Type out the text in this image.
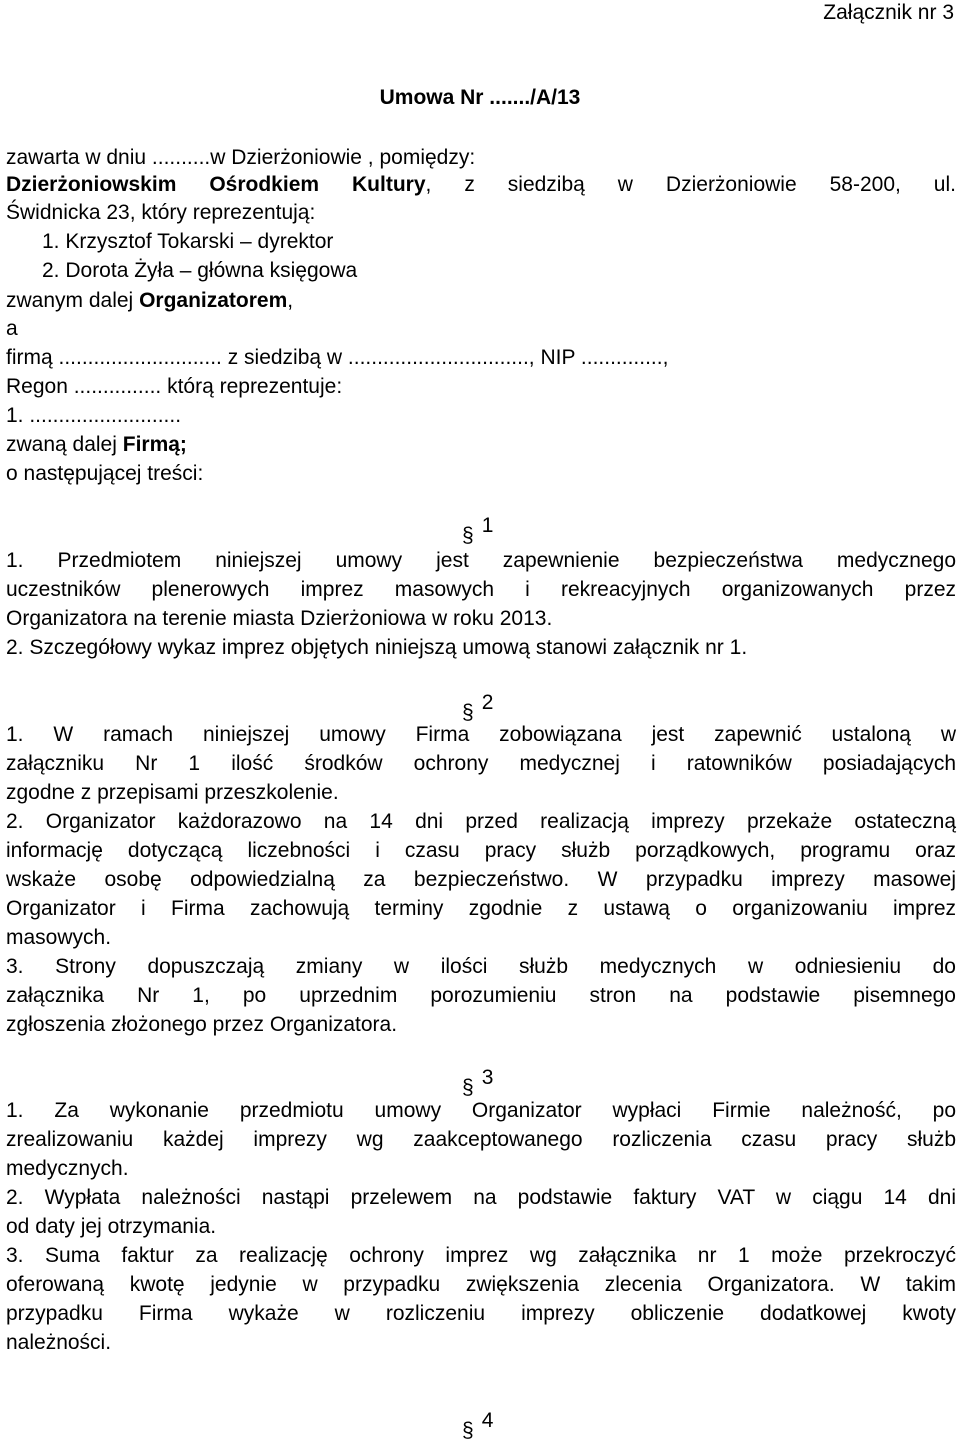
Załącznik nr 3
Umowa Nr ......./A/13
zawarta w dniu ..........w Dzierżoniowie , pomiędzy:
Dzierżoniowskim Ośrodkiem Kultury, z siedzibą w Dzierżoniowie 58-200, ul.
Świdnicka 23, który reprezentują:
1. Krzysztof Tokarski – dyrektor
2. Dorota Żyła – główna księgowa
zwanym dalej Organizatorem,
a
firmą ............................ z siedzibą w ..............................., NIP ..............,
Regon ............... którą reprezentuje:
1. ..........................
zwaną dalej Firmą;
o następującej treści:
§ 1
1. Przedmiotem niniejszej umowy jest zapewnienie bezpieczeństwa medycznego
uczestników plenerowych imprez masowych i rekreacyjnych organizowanych przez
Organizatora na terenie miasta Dzierżoniowa w roku 2013.
2. Szczegółowy wykaz imprez objętych niniejszą umową stanowi załącznik nr 1.
§ 2
1. W ramach niniejszej umowy Firma zobowiązana jest zapewnić ustaloną w
załączniku Nr 1 ilość środków ochrony medycznej i ratowników posiadających
zgodne z przepisami przeszkolenie.
2. Organizator każdorazowo na 14 dni przed realizacją imprezy przekaże ostateczną
informację dotyczącą liczebności i czasu pracy służb porządkowych, programu oraz
wskaże osobę odpowiedzialną za bezpieczeństwo. W przypadku imprezy masowej
Organizator i Firma zachowują terminy zgodnie z ustawą o organizowaniu imprez
masowych.
3. Strony dopuszczają zmiany w ilości służb medycznych w odniesieniu do
załącznika Nr 1, po uprzednim porozumieniu stron na podstawie pisemnego
zgłoszenia złożonego przez Organizatora.
§ 3
1. Za wykonanie przedmiotu umowy Organizator wypłaci Firmie należność, po
zrealizowaniu każdej imprezy wg zaakceptowanego rozliczenia czasu pracy służb
medycznych.
2. Wypłata należności nastąpi przelewem na podstawie faktury VAT w ciągu 14 dni
od daty jej otrzymania.
3. Suma faktur za realizację ochrony imprez wg załącznika nr 1 może przekroczyć
oferowaną kwotę jedynie w przypadku zwiększenia zlecenia Organizatora. W takim
przypadku Firma wykaże w rozliczeniu imprezy obliczenie dodatkowej kwoty
należności.
§ 4
